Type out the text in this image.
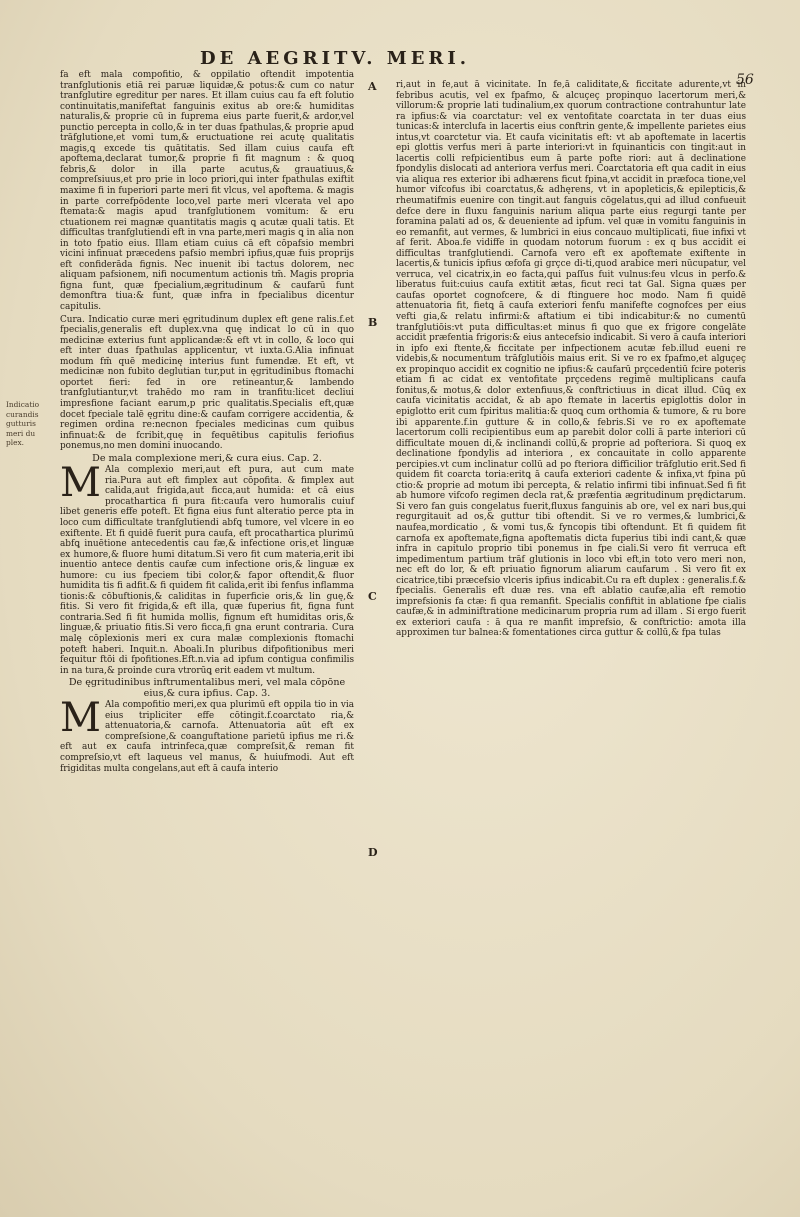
DE AEGRITV. MERI.
56
Indicatio curandis gutturis meri du plex.
A
B
C
D

fa eft mala compofitio, & oppilatio oftendit impotentia tranfglutionis etiā rei paruæ liquidæ,& potus:& cum co natur tranfglutire egreditur per nares. Et illam cuius cau fa eft folutio continuitatis,manifeftat fanguinis exitus ab ore:& humiditas naturalis,& proprie cū in fuprema eius parte fuerit,& ardor,vel punctio percepta in collo,& in ter duas fpathulas,& proprie apud trāfglutione,et vomi tum,& eructuatione rei acutę qualitatis magis,ꝗ excede tis quātitatis. Sed illam cuius caufa eft apoftema,declarat tumor,& proprie fi fit magnum : & quoꝗ febris,& dolor in illa parte acutus,& grauatiuus,& compreſsiuus,et pro prie in loco priori,qui inter fpathulas exiftit maxime fi in fuperiori parte meri fit vlcus, vel apoftema. & magis in parte correfpōdente loco,vel parte meri vlcerata vel apo ftemata:& magis apud tranfglutionem vomitum: & eru ctuationem rei magnæ quantitatis magis ꝗ acutæ quali tatis. Et difficultas tranfglutiendi eft in vna parte,meri magis ꝗ in alia non in toto fpatio eius. Illam etiam cuius cā eft cōpafsio membri vicini infinuat præcedens pafsio membri ipfius,quæ fuis proprijs eft confiderāda fignis. Nec inuenit ibi tactus dolorem, nec aliquam pafsionem, nifi nocumentum actionis tm̄. Magis propria figna funt, quæ fpecialium,ægritudinum & caufarū funt demonftra tiua:& funt, quæ infra in fpecialibus dicentur capitulis.

Cura. Indicatio curæ meri ęgritudinum duplex eft gene ralis.f.et fpecialis,generalis eft duplex.vna quę indicat lo cū in quo medicinæ exterius funt applicandæ:& eft vt in collo, & loco qui eft inter duas fpathulas applicentur, vt iuxta.G.Alia infinuat modum fm̄ quē medicinę interius funt fumendæ. Et eft, vt medicinæ non fubito deglutian tur,put in ęgritudinibus ftomachi oportet fieri: fed in ore retineantur,& lambendo tranfglutiantur,vt trahēdo mo ram in tranfitu:licet decliui impresfione faciant earum,p pric qualitatis.Specialis eft,quæ docet fpeciale talē ęgritu dine:& caufam corrigere accidentia, & regimen ordina re:necnon fpeciales medicinas cum quibus infinuat:& de fcribit,quę in fequētibus capitulis feriofius ponemus,no men domini inuocando.

De mala complexione meri,& cura eius. Cap. 2.

M Ala complexio meri,aut eft pura, aut cum mate ria.Pura aut eft fimplex aut cōpofita. & fimplex aut calida,aut frigida,aut ficca,aut humida: et cā eius procathartica fi pura fit:caufa vero humoralis cuiuf libet generis effe poteft. Et figna eius funt alteratio perce pta in loco cum difficultate tranfglutiendi abfꝗ tumore, vel vlcere in eo exiftente. Et fi quidē fuerit pura caufa, eft procathartica plurimū abfꝗ inuētione antecedentis cau fæ,& infectione oris,et linguæ ex humore,& fluore humi ditatum.Si vero fit cum materia,erit ibi inuentio antece dentis caufæ cum infectione oris,& linguæ ex humore: cu ius fpeciem tibi color,& fapor oftendit,& fluor humidita tis fi adfit.& fi quidem fit calida,erit ibi fenfus inflamma tionis:& cōbuftionis,& caliditas in fuperficie oris,& lin guę,& fitis. Si vero fit frigida,& eft illa, quæ fuperius fit, figna funt contraria.Sed fi fit humida mollis, fignum eft humiditas oris,& linguæ,& priuatio fitis.Si vero ficca,fi gna erunt contraria. Cura malę cōplexionis meri ex cura malæ complexionis ftomachi poteft haberi. Inquit.n. Aboali.In pluribus difpofitionibus meri fequitur ftōi di fpofitiones.Eft.n.via ad ipfum contigua confimilis in na tura,& proinde cura vtrorūꝗ erit eadem vt multum.

De ęgritudinibus inftrumentalibus meri, vel mala cōpōne eius,& cura ipfius. Cap. 3.

M Ala compofitio meri,ex qua plurimū eft oppila tio in via eius tripliciter effe cōtingit.f.coarctato ria,& attenuatoria,& carnofa. Attenuatoria aūt eft ex compreſsione,& coanguftatione parietū ipfius me ri.& eft aut ex caufa intrinfeca,quæ compreſsit,& reman fit compreſsio,vt eft laqueus vel manus, & huiufmodi. Aut eft frigiditas multa congelans,aut eft ā caufa interio

ri,aut in fe,aut ā vicinitate. In fe,ā caliditate,& ficcitate adurente,vt in febribus acutis, vel ex fpafmo, & alcuçeç propinquo lacertorum meri,& villorum:& proprie lati tudinalium,ex quorum contractione contrahuntur late ra ipfius:& via coarctatur: vel ex ventofitate coarctata in ter duas eius tunicas:& interclufa in lacertis eius conftrin gente,& impellente parietes eius intus,vt coarctetur via. Et caufa vicinitatis eft: vt ab apoftemate in lacertis epi glottis verfus meri ā parte interiori:vt in fquinanticis con tingit:aut in lacertis colli refpicientibus eum ā parte pofte riori: aut ā declinatione fpondylis dislocati ad anteriora verfus meri. Coarctatoria eft qua cadit in eius via aliqua res exterior ibi adhærens ficut fpina,vt accidit in præfoca tione,vel humor vifcofus ibi coarctatus,& adhęrens, vt in apopleticis,& epilepticis,& rheumatifmis euenire con tingit.aut fanguis cōgelatus,qui ad illud confueuit defce dere in fluxu fanguinis narium aliqua parte eius regurgi tante per foramina palati ad os, & deueniente ad ipfum. vel quæ in vomitu fanguinis in eo remanfit, aut vermes, & lumbrici in eius concauo multiplicati, fiue infixi vt af ferit. Aboa.fe vidiffe in quodam notorum fuorum : ex q bus accidit ei difficultas tranfglutiendi. Carnofa vero eft ex apoftemate exiftente in lacertis,& tunicis ipfius œfofa gi grçce di-ti,quod arabice meri nūcupatur, vel verruca, vel cicatrix,in eo facta,qui paſſus fuit vulnus:feu vlcus in perfo.& liberatus fuit:cuius caufa extitit ætas, ficut reci tat Gal. Signa quæs per caufas oportet cognofcere, & di ftinguere hoc modo. Nam fi quidē attenuatoria fit, fietꝗ ā caufa exteriori fenfu manifefte cognofces per eius vefti gia,& relatu infirmi:& aftatium ei tibi indicabitur:& no cumentū tranfglutiōis:vt puta difficultas:et minus fi quo que ex frigore congelāte accidit præfentia frigoris:& eius antecefsio indicabit. Si vero ā caufa interiori in ipfo exi ftente,& ficcitate per infpectionem acutæ feb.illud eueni re videbis,& nocumentum trāfglutiōis maius erit. Si ve ro ex fpafmo,et alguçeç ex propinquo accidit ex cognitio ne ipfius:& caufarū prçcedentiū fcire poteris etiam fi ac cidat ex ventofitate prçcedens regimē multiplicans caufa fonitus,& motus,& dolor extenfiuus,& conftrictiuus in dicat illud. Cūꝗ ex caufa vicinitatis accidat, & ab apo ftemate in lacertis epiglottis dolor in epiglotto erit cum fpiritus malitia:& quoꝗ cum orthomia & tumore, & ru bore ibi apparente.f.in gutture & in collo,& febris.Si ve ro ex apoftemate lacertorum colli recipientibus eum ap parebit dolor colli ā parte interiori cū difficultate mouen di,& inclinandi collū,& proprie ad pofteriora. Si quoꝗ ex declinatione fpondylis ad interiora , ex concauitate in collo apparente percipies.vt cum inclinatur collū ad po fteriora difficilior trāfglutio erit.Sed fi quidem fit coarcta toria:eritꝗ ā caufa exteriori cadente & infixa,vt fpina pū ctio:& proprie ad motum ibi percepta, & relatio infirmi tibi infinuat.Sed fi fit ab humore vifcofo regimen decla rat,& præfentia ægritudinum prędictarum. Si vero fan guis congelatus fuerit,fluxus fanguinis ab ore, vel ex nari bus,qui regurgitauit ad os,& guttur tibi oftendit. Si ve ro vermes,& lumbrici,& naufea,mordicatio , & vomi tus,& fyncopis tibi oftendunt. Et fi quidem fit carnofa ex apoftemate,figna apoftematis dicta fuperius tibi indi cant,& quæ infra in capitulo proprio tibi ponemus in fpe ciali.Si vero fit verruca eft impedimentum partium trāf glutionis in loco vbi eft,in toto vero meri non, nec eft do lor, & eft priuatio fignorum aliarum caufarum . Si vero fit ex cicatrice,tibi præcefsio vlceris ipfius indicabit.Cu ra eft duplex : generalis.f.& fpecialis. Generalis eft duæ res. vna eft ablatio caufæ,alia eft remotio imprefsionis fa ctæ: fi qua remanfit. Specialis confiftit in ablatione fpe cialis caufæ,& in adminiftratione medicinarum propria rum ad illam . Si ergo fuerit ex exteriori caufa : ā qua re manfit imprefsio, & conftrictio: amota illa approximen tur balnea:& fomentationes circa guttur & collū,& fpa tulas
